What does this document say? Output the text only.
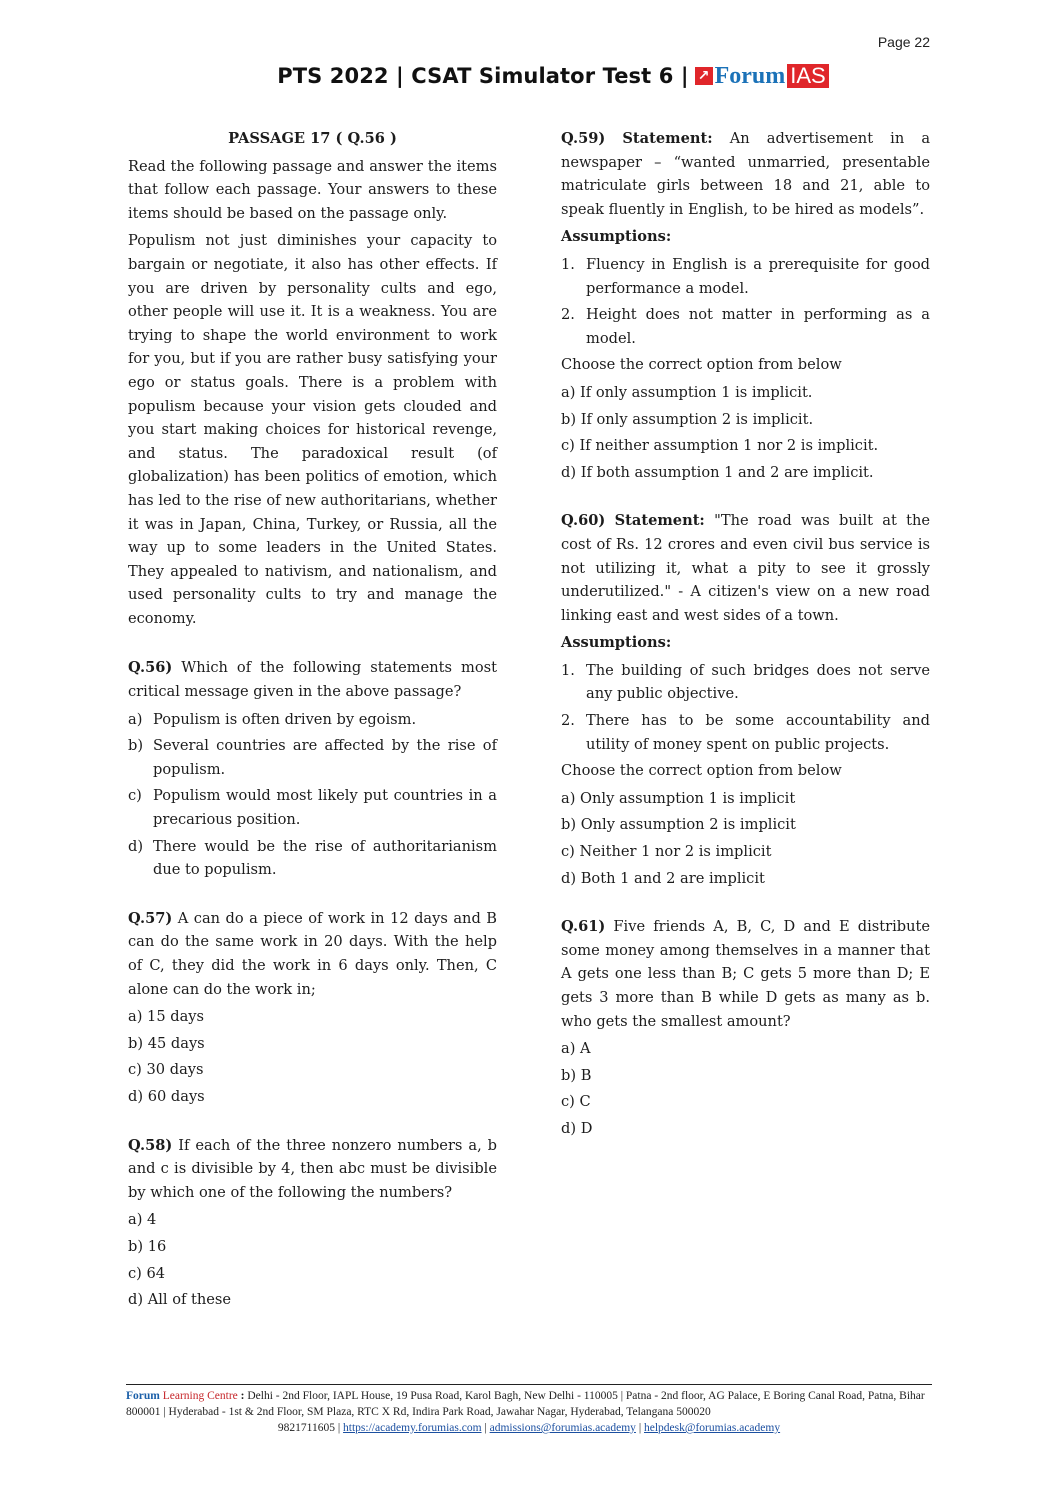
Page 22
PTS 2022 | CSAT Simulator Test 6 | ↗ Forum IAS

PASSAGE 17 ( Q.56 )

Read the following passage and answer the items that follow each passage. Your answers to these items should be based on the passage only.

Populism not just diminishes your capacity to bargain or negotiate, it also has other effects. If you are driven by personality cults and ego, other people will use it. It is a weakness. You are trying to shape the world environment to work for you, but if you are rather busy satisfying your ego or status goals. There is a problem with populism because your vision gets clouded and you start making choices for historical revenge, and status. The paradoxical result (of globalization) has been politics of emotion, which has led to the rise of new authoritarians, whether it was in Japan, China, Turkey, or Russia, all the way up to some leaders in the United States. They appealed to nativism, and nationalism, and used personality cults to try and manage the economy.

Q.56) Which of the following statements most critical message given in the above passage?

a) Populism is often driven by egoism.
b) Several countries are affected by the rise of populism.
c) Populism would most likely put countries in a precarious position.
d) There would be the rise of authoritarianism due to populism.

Q.57) A can do a piece of work in 12 days and B can do the same work in 20 days. With the help of C, they did the work in 6 days only. Then, C alone can do the work in;

a) 15 days
b) 45 days
c) 30 days
d) 60 days

Q.58) If each of the three nonzero numbers a, b and c is divisible by 4, then abc must be divisible by which one of the following the numbers?

a) 4
b) 16
c) 64
d) All of these

Q.59) Statement: An advertisement in a newspaper – “wanted unmarried, presentable matriculate girls between 18 and 21, able to speak fluently in English, to be hired as models”.

Assumptions:

1. Fluency in English is a prerequisite for good performance a model.
2. Height does not matter in performing as a model.

Choose the correct option from below

a) If only assumption 1 is implicit.
b) If only assumption 2 is implicit.
c) If neither assumption 1 nor 2 is implicit.
d) If both assumption 1 and 2 are implicit.

Q.60) Statement: "The road was built at the cost of Rs. 12 crores and even civil bus service is not utilizing it, what a pity to see it grossly underutilized." - A citizen's view on a new road linking east and west sides of a town.

Assumptions:

1. The building of such bridges does not serve any public objective.
2. There has to be some accountability and utility of money spent on public projects.

Choose the correct option from below

a) Only assumption 1 is implicit
b) Only assumption 2 is implicit
c) Neither 1 nor 2 is implicit
d) Both 1 and 2 are implicit

Q.61) Five friends A, B, C, D and E distribute some money among themselves in a manner that A gets one less than B; C gets 5 more than D; E gets 3 more than B while D gets as many as b. who gets the smallest amount?

a) A
b) B
c) C
d) D
Forum Learning Centre : Delhi - 2nd Floor, IAPL House, 19 Pusa Road, Karol Bagh, New Delhi - 110005 | Patna - 2nd floor, AG Palace, E Boring Canal Road, Patna, Bihar 800001 | Hyderabad - 1st & 2nd Floor, SM Plaza, RTC X Rd, Indira Park Road, Jawahar Nagar, Hyderabad, Telangana 500020
9821711605 | https://academy.forumias.com | admissions@forumias.academy | helpdesk@forumias.academy
